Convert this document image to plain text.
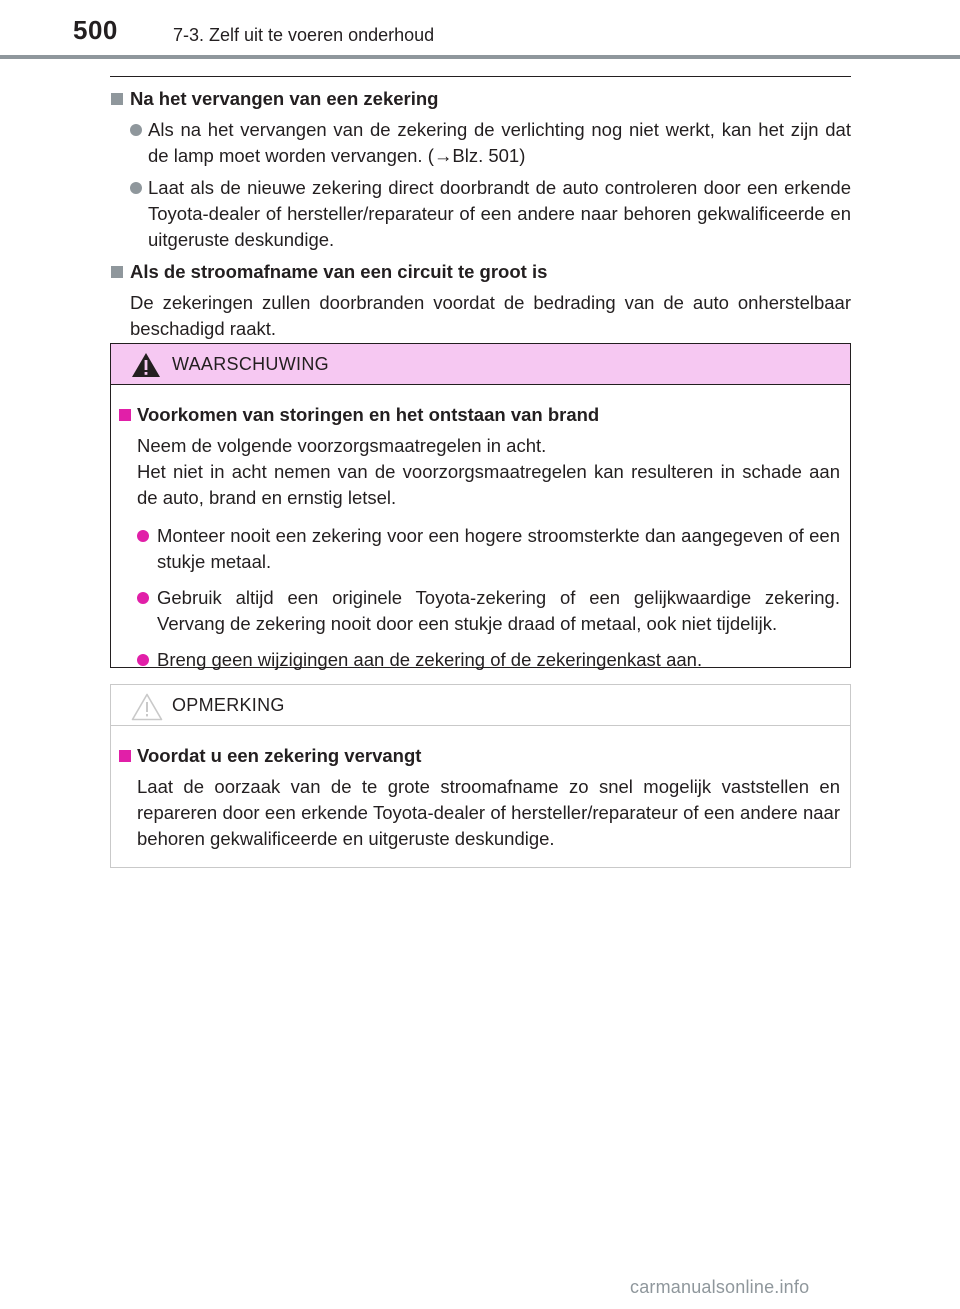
500	7-3. Zelf uit te voeren onderhoud
Na het vervangen van een zekering
Als na het vervangen van de zekering de verlichting nog niet werkt, kan het zijn dat de lamp moet worden vervangen. (→Blz. 501)
Laat als de nieuwe zekering direct doorbrandt de auto controleren door een erkende Toyota-dealer of hersteller/reparateur of een andere naar behoren gekwalificeerde en uitgeruste deskundige.
Als de stroomafname van een circuit te groot is
De zekeringen zullen doorbranden voordat de bedrading van de auto onherstelbaar beschadigd raakt.
WAARSCHUWING
Voorkomen van storingen en het ontstaan van brand
Neem de volgende voorzorgsmaatregelen in acht.
Het niet in acht nemen van de voorzorgsmaatregelen kan resulteren in schade aan de auto, brand en ernstig letsel.
Monteer nooit een zekering voor een hogere stroomsterkte dan aangegeven of een stukje metaal.
Gebruik altijd een originele Toyota-zekering of een gelijkwaardige zekering. Vervang de zekering nooit door een stukje draad of metaal, ook niet tijdelijk.
Breng geen wijzigingen aan de zekering of de zekeringenkast aan.
OPMERKING
Voordat u een zekering vervangt
Laat de oorzaak van de te grote stroomafname zo snel mogelijk vaststellen en repareren door een erkende Toyota-dealer of hersteller/reparateur of een andere naar behoren gekwalificeerde en uitgeruste deskundige.
carmanualsonline.info
